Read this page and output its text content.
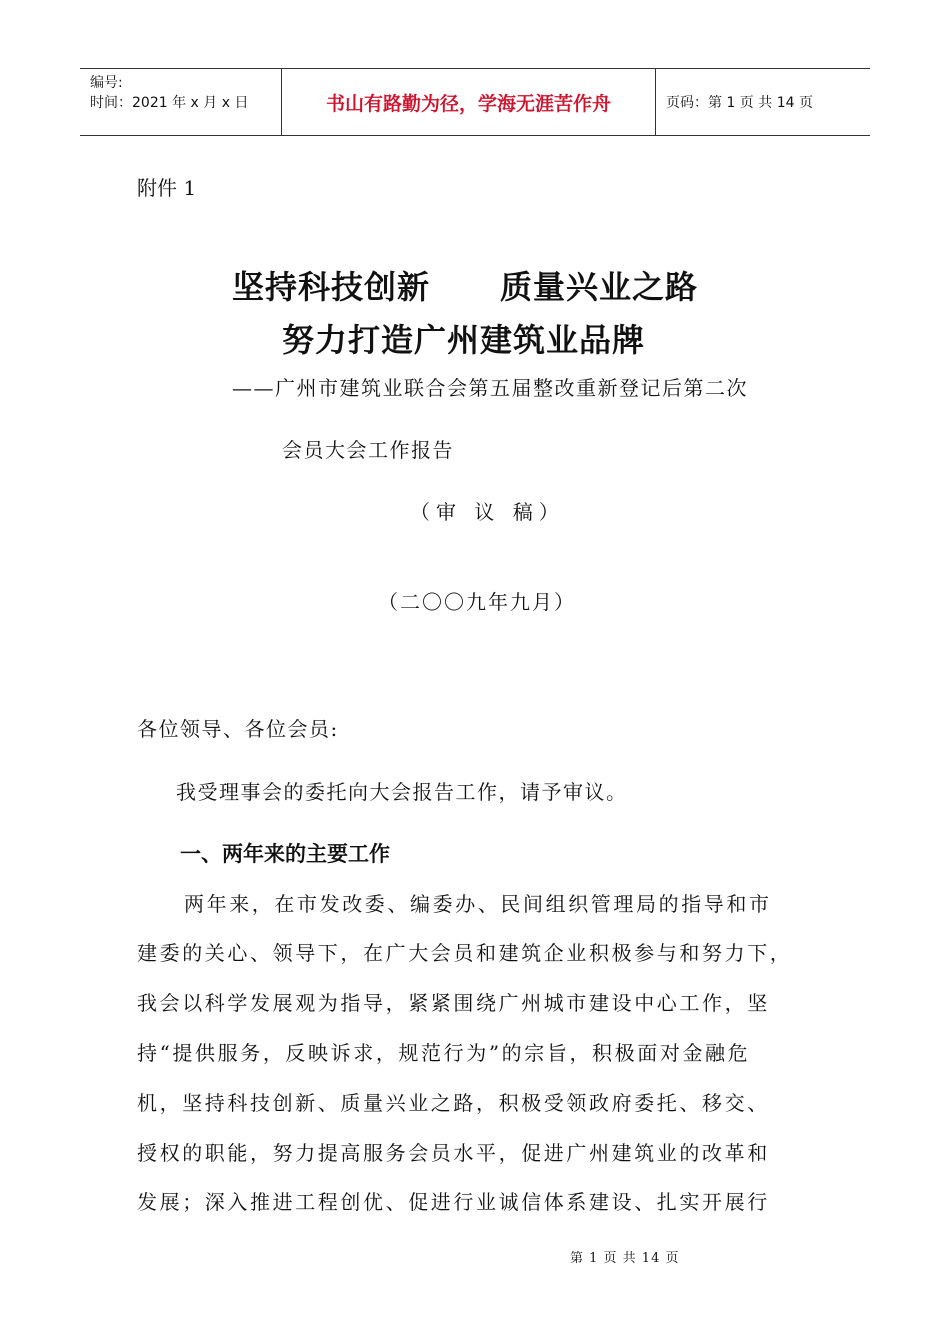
编号:
时间：2021 年 x 月 x 日	书山有路勤为径，学海无涯苦作舟	页码：第 1 页 共 14 页
附件 1
坚持科技创新 质量兴业之路
努力打造广州建筑业品牌
——广州市建筑业联合会第五届整改重新登记后第二次
会员大会工作报告
（审 议 稿）
（二〇〇九年九月）
各位领导、各位会员:
我受理事会的委托向大会报告工作，请予审议。
一、两年来的主要工作
两年来，在市发改委、编委办、民间组织管理局的指导和市
建委的关心、领导下，在广大会员和建筑企业积极参与和努力下，
我会以科学发展观为指导，紧紧围绕广州城市建设中心工作，坚
持“提供服务，反映诉求，规范行为”的宗旨，积极面对金融危
机，坚持科技创新、质量兴业之路，积极受领政府委托、移交、
授权的职能，努力提高服务会员水平，促进广州建筑业的改革和
发展；深入推进工程创优、促进行业诚信体系建设、扎实开展行
第 1 页 共 14 页
